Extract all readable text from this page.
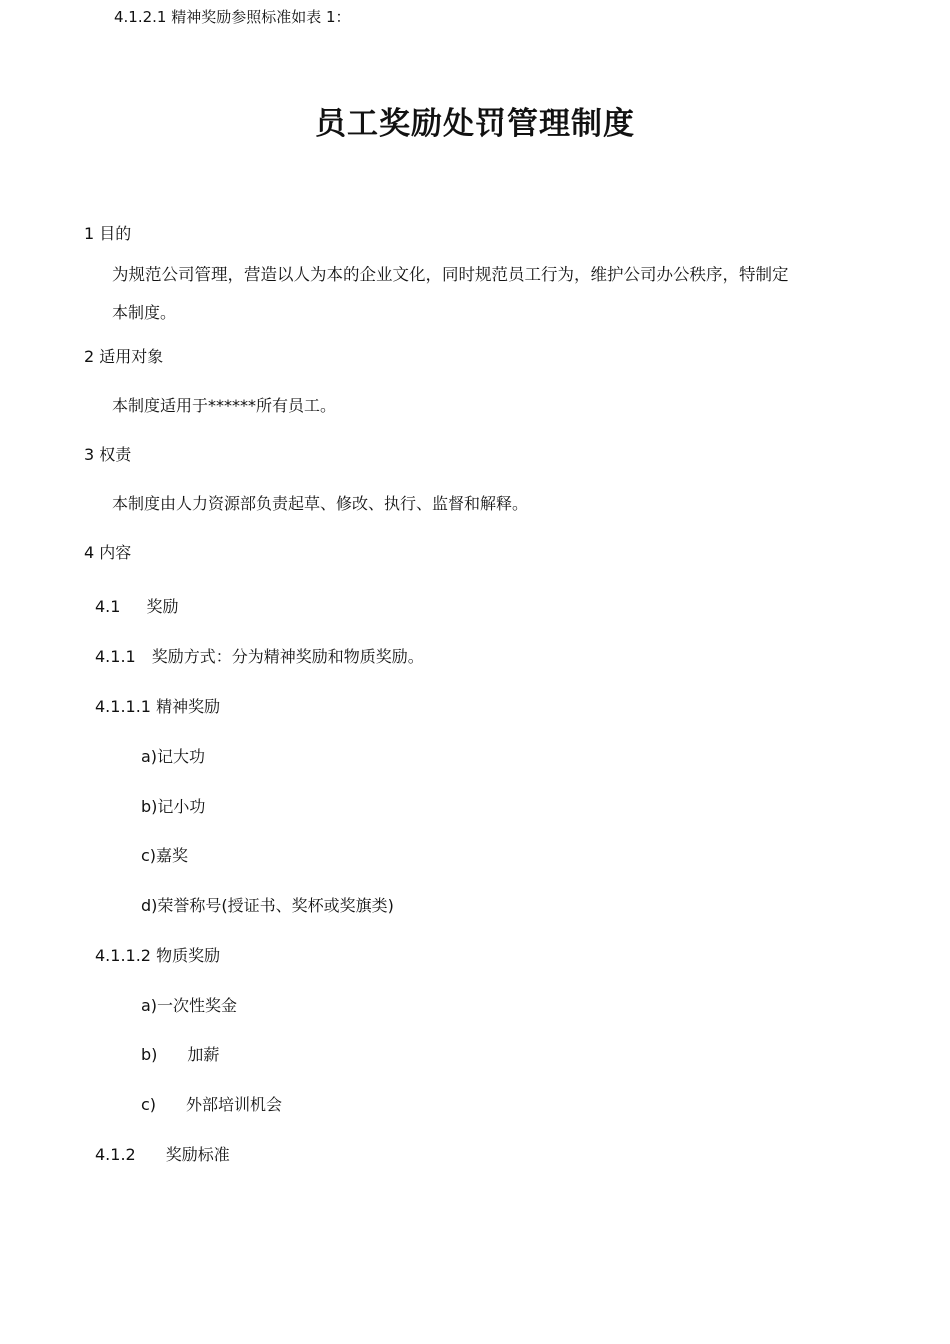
4.1.2.1 精神奖励参照标准如表 1：
员工奖励处罚管理制度
1 目的
为规范公司管理，营造以人为本的企业文化，同时规范员工行为，维护公司办公秩序，特制定
本制度。
2 适用对象
本制度适用于******所有员工。
3 权责
本制度由人力资源部负责起草、修改、执行、监督和解释。
4 内容
4.1 奖励
4.1.1 奖励方式：分为精神奖励和物质奖励。
4.1.1.1 精神奖励
a)记大功
b)记小功
c)嘉奖
d)荣誉称号(授证书、奖杯或奖旗类)
4.1.1.2 物质奖励
a)一次性奖金
b) 加薪
c) 外部培训机会
4.1.2 奖励标准
